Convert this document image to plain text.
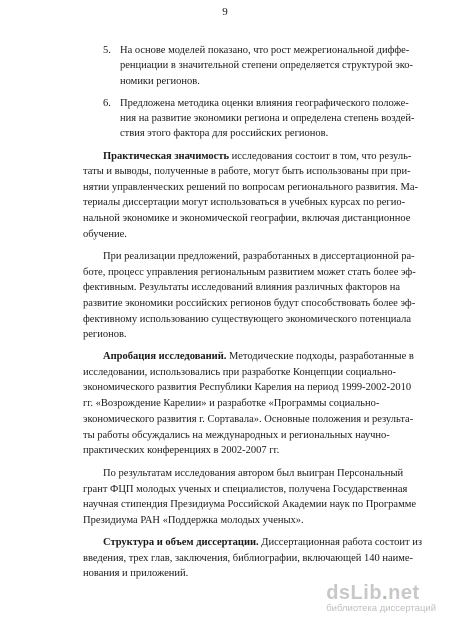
9
5. На основе моделей показано, что рост межрегиональной диффе-
ренциации в значительной степени определяется структурой эко-
номики регионов.
6. Предложена методика оценки влияния географического положе-
ния на развитие экономики региона и определена степень воздей-
ствия этого фактора для российских регионов.
Практическая значимость исследования состоит в том, что резуль-
таты и выводы, полученные в работе, могут быть использованы при при-
нятии управленческих решений по вопросам регионального развития. Ма-
териалы диссертации могут использоваться в учебных курсах по регио-
нальной экономике и экономической географии, включая дистанционное
обучение.
При реализации предложений, разработанных в диссертационной ра-
боте, процесс управления региональным развитием может стать более эф-
фективным. Результаты исследований влияния различных факторов на
развитие экономики российских регионов будут способствовать более эф-
фективному использованию существующего экономического потенциала
регионов.
Апробация исследований. Методические подходы, разработанные в
исследовании, использовались при разработке Концепции социально-
экономического развития Республики Карелия на период 1999-2002-2010
гг. «Возрождение Карелии» и разработке «Программы социально-
экономического развития г. Сортавала». Основные положения и результа-
ты работы обсуждались на международных и региональных научно-
практических конференциях в 2002-2007 гг.
По результатам исследования автором был выигран Персональный
грант ФЦП молодых ученых и специалистов, получена Государственная
научная стипендия Президиума Российской Академии наук по Программе
Президиума РАН «Поддержка молодых ученых».
Структура и объем диссертации. Диссертационная работа состоит из
введения, трех глав, заключения, библиографии, включающей 140 наиме-
нования и приложений.
dsLib.net
библиотека диссертаций
